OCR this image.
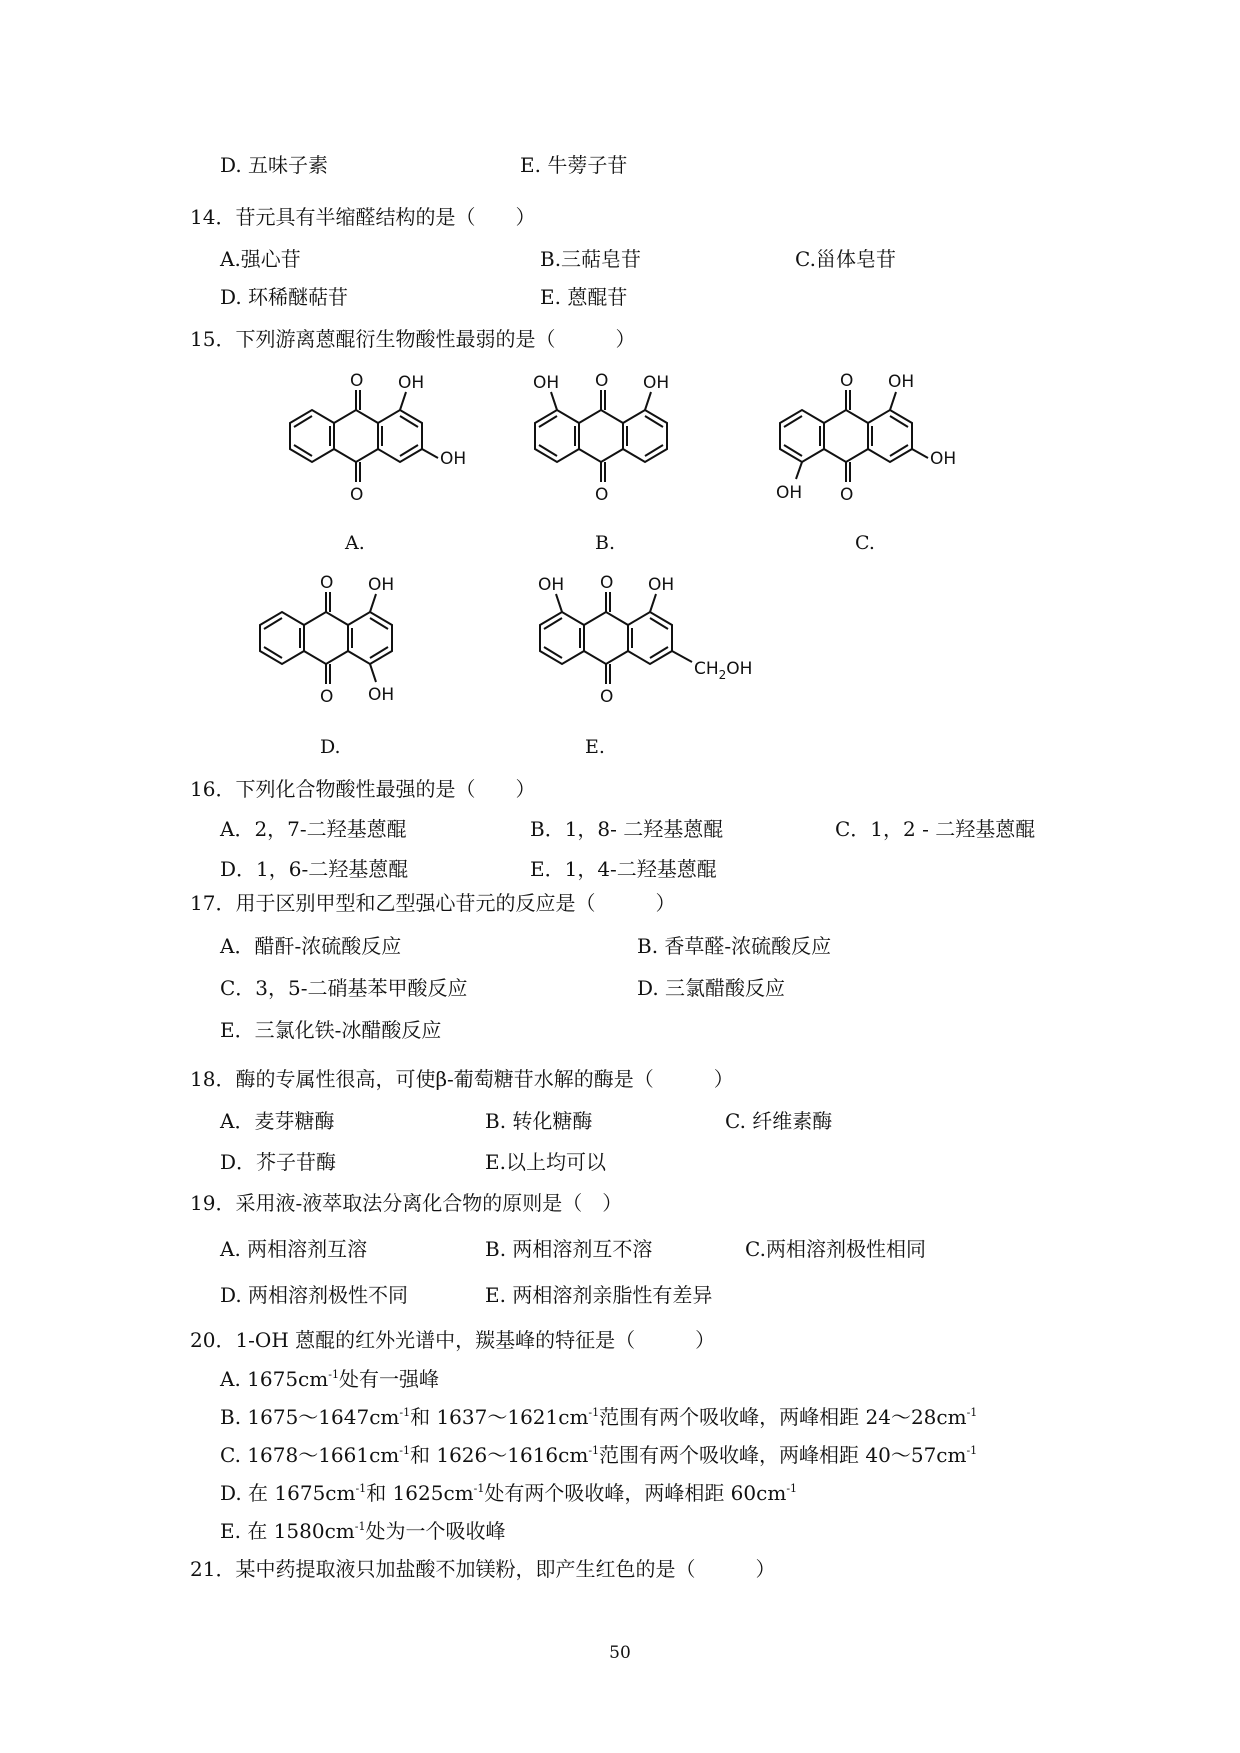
D. 五味子素	E. 牛蒡子苷
14．苷元具有半缩醛结构的是（　　）
A.强心苷	B.三萜皂苷	C.甾体皂苷
D. 环稀醚萜苷	E. 蒽醌苷
15．下列游离蒽醌衍生物酸性最弱的是（　　　）
O
O
OH
OH
A.
O
O
OH	OH
B.
O
O
OH
OH
OH
C.
O
O
OH
OH
D.
O
O
OH	OH
$CH_2OH$
E.
16．下列化合物酸性最强的是（　　）
A．2，7-二羟基蒽醌	B．1，8- 二羟基蒽醌	C．1，2 - 二羟基蒽醌
D．1，6-二羟基蒽醌	E．1，4-二羟基蒽醌
17．用于区别甲型和乙型强心苷元的反应是（　　　）
A．醋酐-浓硫酸反应	B. 香草醛-浓硫酸反应
C．3，5-二硝基苯甲酸反应	D. 三氯醋酸反应
E．三氯化铁-冰醋酸反应
18．酶的专属性很高，可使β-葡萄糖苷水解的酶是（　　　）
A．麦芽糖酶	B. 转化糖酶	C. 纤维素酶
D．芥子苷酶	E.以上均可以
19．采用液-液萃取法分离化合物的原则是（　）
A. 两相溶剂互溶	B. 两相溶剂互不溶	C.两相溶剂极性相同
D. 两相溶剂极性不同	E. 两相溶剂亲脂性有差异
20．1-OH 蒽醌的红外光谱中，羰基峰的特征是（　　　）
A. $1675cm^{-1}$处有一强峰
B. $1675\sim 1647cm^{-1}$和 $1637\sim 1621cm^{-1}$范围有两个吸收峰，两峰相距 $24\sim 28cm^{-1}$
C. $1678\sim 1661cm^{-1}$和 $1626\sim 1616cm^{-1}$范围有两个吸收峰，两峰相距 $40\sim 57cm^{-1}$
D. 在 $1675cm^{-1}$和 $1625cm^{-1}$处有两个吸收峰，两峰相距 $60cm^{-1}$
E. 在 $1580cm^{-1}$处为一个吸收峰
21．某中药提取液只加盐酸不加镁粉，即产生红色的是（　　　）
50
